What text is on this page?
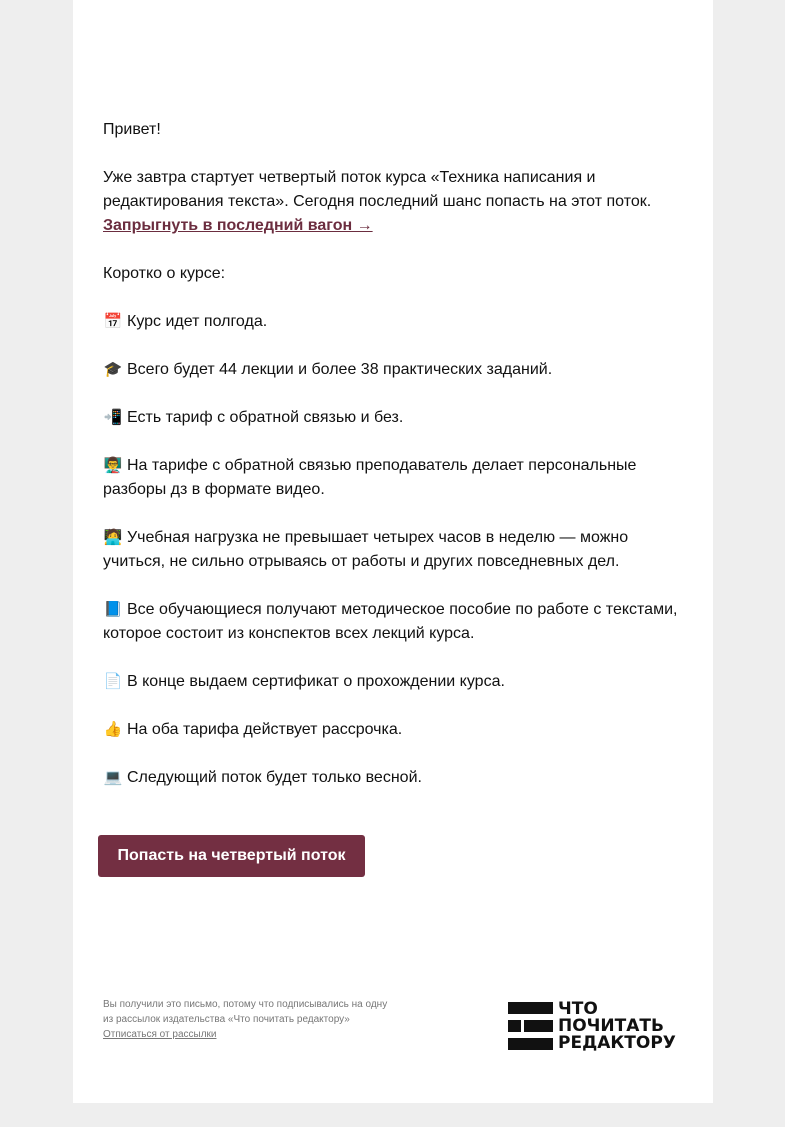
Привет!

Уже завтра стартует четвертый поток курса «Техника написания и редактирования текста». Сегодня последний шанс попасть на этот поток.
Запрыгнуть в последний вагон →

Коротко о курсе:

📅 Курс идет полгода.

🎓 Всего будет 44 лекции и более 38 практических заданий.

📲 Есть тариф с обратной связью и без.

👨‍🏫 На тарифе с обратной связью преподаватель делает персональные разборы дз в формате видео.

🧑‍💻 Учебная нагрузка не превышает четырех часов в неделю — можно учиться, не сильно отрываясь от работы и других повседневных дел.

📘 Все обучающиеся получают методическое пособие по работе с текстами, которое состоит из конспектов всех лекций курса.

📄 В конце выдаем сертификат о прохождении курса.

👍 На оба тарифа действует рассрочка.

💻 Следующий поток будет только весной.

Попасть на четвертый поток
Вы получили это письмо, потому что подписывались на одну из рассылок издательства «Что почитать редактору»
Отписаться от рассылки
ЧТО
ПОЧИТАТЬ
РЕДАКТОРУ
